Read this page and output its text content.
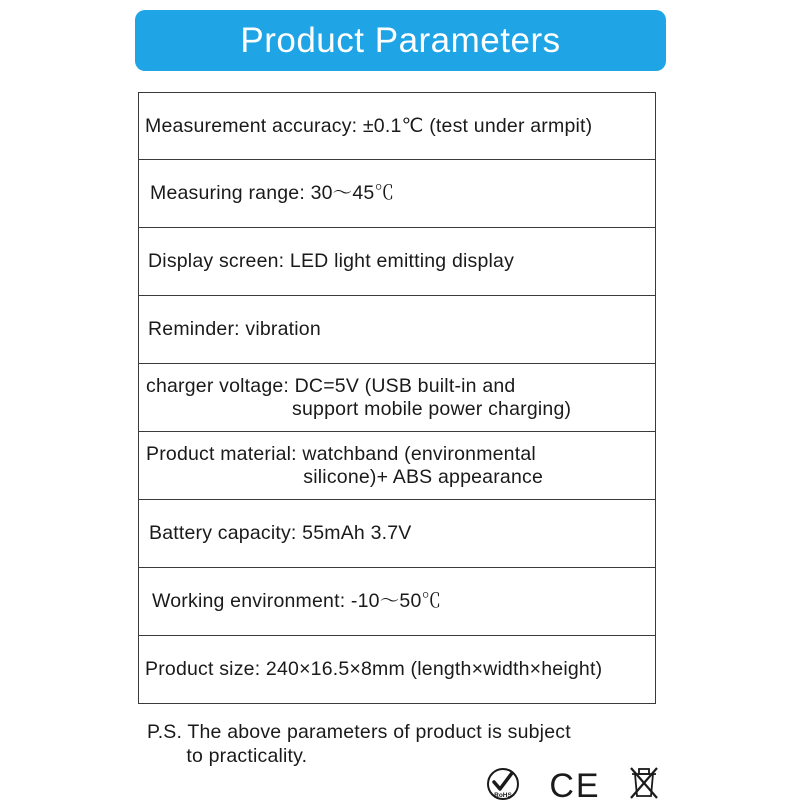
Product Parameters
Measurement accuracy: ±0.1℃ (test under armpit)
Measuring range: 30～45℃
Display screen: LED light emitting display
Reminder: vibration
charger voltage: DC=5V (USB built-in and
support mobile power charging)
Product material: watchband (environmental
silicone)+ ABS appearance
Battery capacity: 55mAh 3.7V
Working environment: -10～50℃
Product size: 240×16.5×8mm (length×width×height)
P.S. The above parameters of product is subject
to practicality.
RoHS CE
